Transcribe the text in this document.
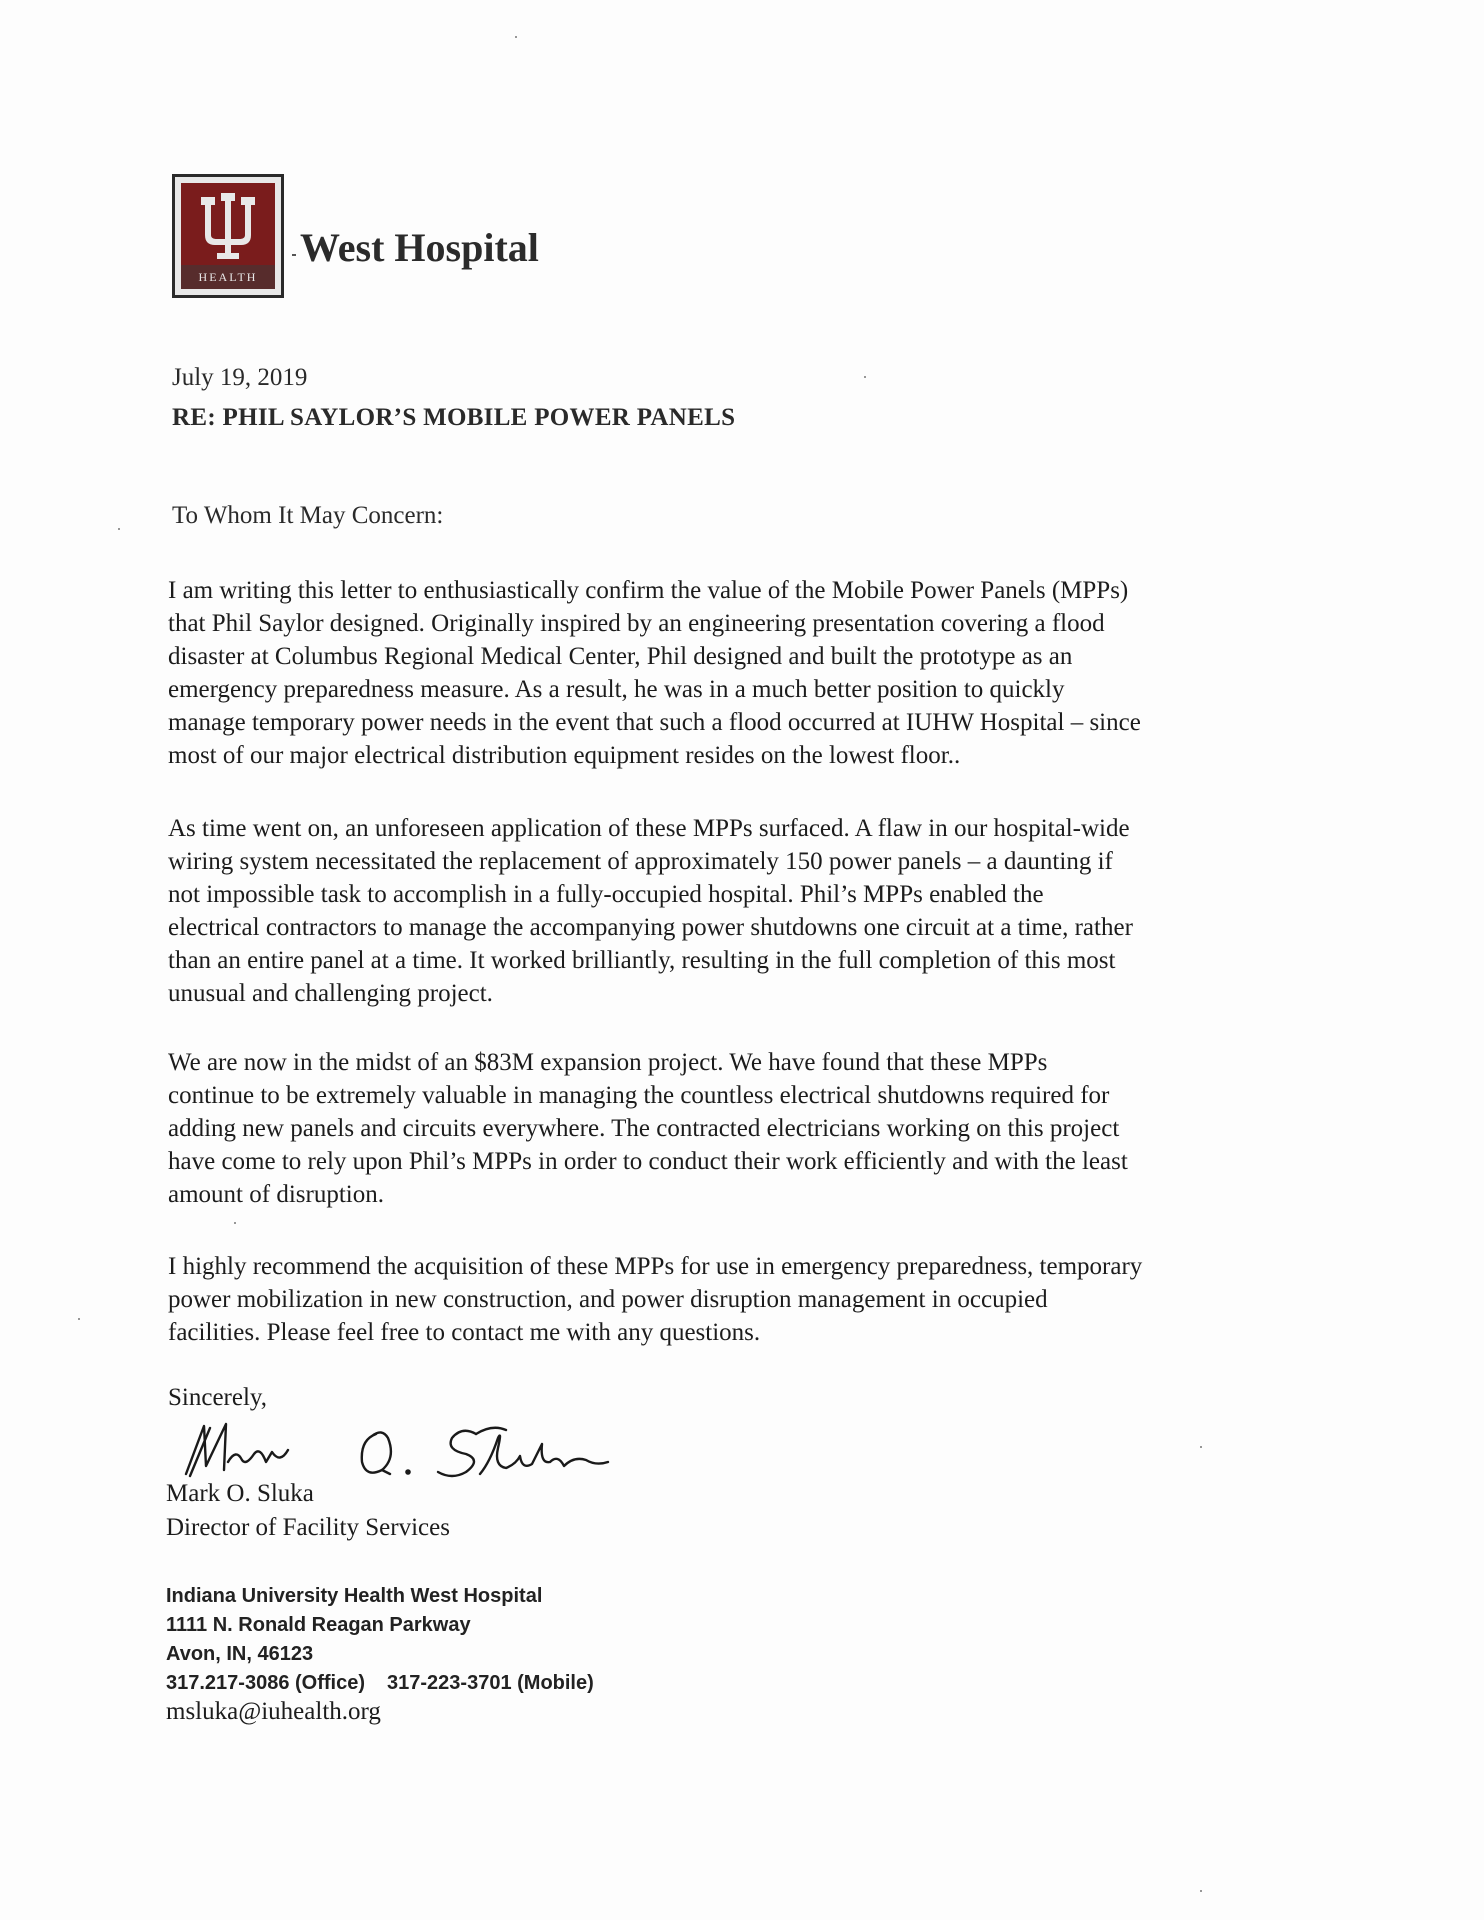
HEALTH
West Hospital
July 19, 2019
RE: PHIL SAYLOR’S MOBILE POWER PANELS
To Whom It May Concern:
I am writing this letter to enthusiastically confirm the value of the Mobile Power Panels (MPPs)
that Phil Saylor designed. Originally inspired by an engineering presentation covering a flood
disaster at Columbus Regional Medical Center, Phil designed and built the prototype as an
emergency preparedness measure. As a result, he was in a much better position to quickly
manage temporary power needs in the event that such a flood occurred at IUHW Hospital – since
most of our major electrical distribution equipment resides on the lowest floor..
As time went on, an unforeseen application of these MPPs surfaced. A flaw in our hospital-wide
wiring system necessitated the replacement of approximately 150 power panels – a daunting if
not impossible task to accomplish in a fully-occupied hospital. Phil’s MPPs enabled the
electrical contractors to manage the accompanying power shutdowns one circuit at a time, rather
than an entire panel at a time. It worked brilliantly, resulting in the full completion of this most
unusual and challenging project.
We are now in the midst of an $83M expansion project. We have found that these MPPs
continue to be extremely valuable in managing the countless electrical shutdowns required for
adding new panels and circuits everywhere. The contracted electricians working on this project
have come to rely upon Phil’s MPPs in order to conduct their work efficiently and with the least
amount of disruption.
I highly recommend the acquisition of these MPPs for use in emergency preparedness, temporary
power mobilization in new construction, and power disruption management in occupied
facilities. Please feel free to contact me with any questions.
Sincerely,
Mark O. Sluka
Director of Facility Services
Indiana University Health West Hospital
1111 N. Ronald Reagan Parkway
Avon, IN, 46123
317.217-3086 (Office) 317-223-3701 (Mobile)
msluka@iuhealth.org
